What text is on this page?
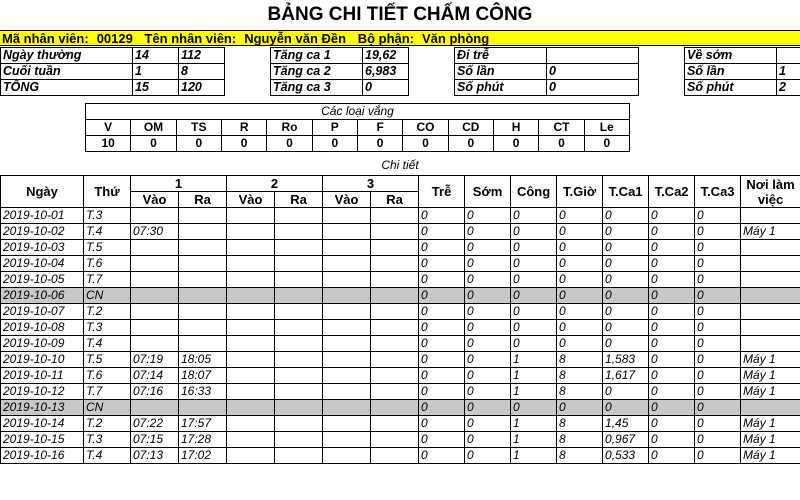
BẢNG CHI TIẾT CHẤM CÔNG
Mã nhân viên: 00129 Tên nhân viên: Nguyễn văn Đền Bộ phận: Văn phòng
Ngày thường	14	112		Tăng ca 1	19,62		Đi trễ			Về sớm	
Cuối tuần	1	8		Tăng ca 2	6,983		Số lần	0		Số lần	1
TỔNG	15	120		Tăng ca 3	0		Số phút	0		Số phút	2
Các loại vắng											
V	OM	TS	R	Ro	P	F	CO	CD	H	CT	Le
10	0	0	0	0	0	0	0	0	0	0	0
Chi tiết
Ngày	Thứ	1		2		3		Trễ	Sớm	Công	T.Giờ	T.Ca1	T.Ca2	T.Ca3	Nơi làm việc
		Vào	Ra	Vào	Ra	Vào	Ra								
2019-10-01	T.3							0	0	0	0	0	0	0	
2019-10-02	T.4	07:30						0	0	0	0	0	0	0	Máy 1
2019-10-03	T.5							0	0	0	0	0	0	0	
2019-10-04	T.6							0	0	0	0	0	0	0	
2019-10-05	T.7							0	0	0	0	0	0	0	
2019-10-06	CN							0	0	0	0	0	0	0	
2019-10-07	T.2							0	0	0	0	0	0	0	
2019-10-08	T.3							0	0	0	0	0	0	0	
2019-10-09	T.4							0	0	0	0	0	0	0	
2019-10-10	T.5	07:19	18:05					0	0	1	8	1,583	0	0	Máy 1
2019-10-11	T.6	07:14	18:07					0	0	1	8	1,617	0	0	Máy 1
2019-10-12	T.7	07:16	16:33					0	0	1	8	0	0	0	Máy 1
2019-10-13	CN							0	0	0	0	0	0	0	
2019-10-14	T.2	07:22	17:57					0	0	1	8	1,45	0	0	Máy 1
2019-10-15	T.3	07:15	17:28					0	0	1	8	0,967	0	0	Máy 1
2019-10-16	T.4	07:13	17:02					0	0	1	8	0,533	0	0	Máy 1
